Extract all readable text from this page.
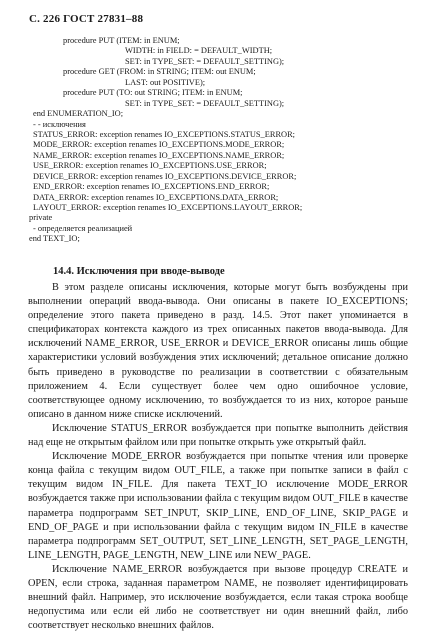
С. 226 ГОСТ 27831–88
procedure PUT (ITEM: in ENUM;
WIDTH: in FIELD: = DEFAULT_WIDTH;
SET: in TYPE_SET: = DEFAULT_SETTING);
procedure GET (FROM: in STRING; ITEM: out ENUM;
LAST: out POSITIVE);
procedure PUT (TO: out STRING; ITEM: in ENUM;
SET: in TYPE_SET: = DEFAULT_SETTING);
end ENUMERATION_IO;
- - исключения
STATUS_ERROR: exception renames IO_EXCEPTIONS.STATUS_ERROR;
MODE_ERROR: exception renames IO_EXCEPTIONS.MODE_ERROR;
NAME_ERROR: exception renames IO_EXCEPTIONS.NAME_ERROR;
USE_ERROR: exception renames IO_EXCEPTIONS.USE_ERROR;
DEVICE_ERROR: exception renames IO_EXCEPTIONS.DEVICE_ERROR;
END_ERROR: exception renames IO_EXCEPTIONS.END_ERROR;
DATA_ERROR: exception renames IO_EXCEPTIONS.DATA_ERROR;
LAYOUT_ERROR: exception renames IO_EXCEPTIONS.LAYOUT_ERROR;
private
- определяется реализацией
end TEXT_IO;
14.4. Исключения при вводе-выводе

В этом разделе описаны исключения, которые могут быть возбуждены при выполнении операций ввода-вывода. Они описаны в пакете IO_EXCEPTIONS; определение этого пакета приведено в разд. 14.5. Этот пакет упоминается в спецификаторах контекста каждого из трех описанных пакетов ввода-вывода. Для исключений NAME_ERROR, USE_ERROR и DEVICE_ERROR описаны лишь общие характеристики условий возбуждения этих исключений; детальное описание должно быть приведено в руководстве по реализации в соответствии с обязательным приложением 4. Если существует более чем одно ошибочное условие, соответствующее одному исключению, то возбуждается то из них, которое раньше описано в данном ниже списке исключений.

Исключение STATUS_ERROR возбуждается при попытке выполнить действия над еще не открытым файлом или при попытке открыть уже открытый файл.

Исключение MODE_ERROR возбуждается при попытке чтения или проверке конца файла с текущим видом OUT_FILE, а также при попытке записи в файл с текущим видом IN_FILE. Для пакета TEXT_IO исключение MODE_ERROR возбуждается также при использовании файла с текущим видом OUT_FILE в качестве параметра подпрограмм SET_INPUT, SKIP_LINE, END_OF_LINE, SKIP_PAGE и END_OF_PAGE и при использовании файла с текущим видом IN_FILE в качестве параметра подпрограмм SET_OUTPUT, SET_LINE_LENGTH, SET_PAGE_LENGTH, LINE_LENGTH, PAGE_LENGTH, NEW_LINE или NEW_PAGE.

Исключение NAME_ERROR возбуждается при вызове процедур CREATE и OPEN, если строка, заданная параметром NAME, не позволяет идентифицировать внешний файл. Например, это исключение возбуждается, если такая строка вообще недопустима или если ей либо не соответствует ни один внешний файл, либо соответствует несколько внешних файлов.
